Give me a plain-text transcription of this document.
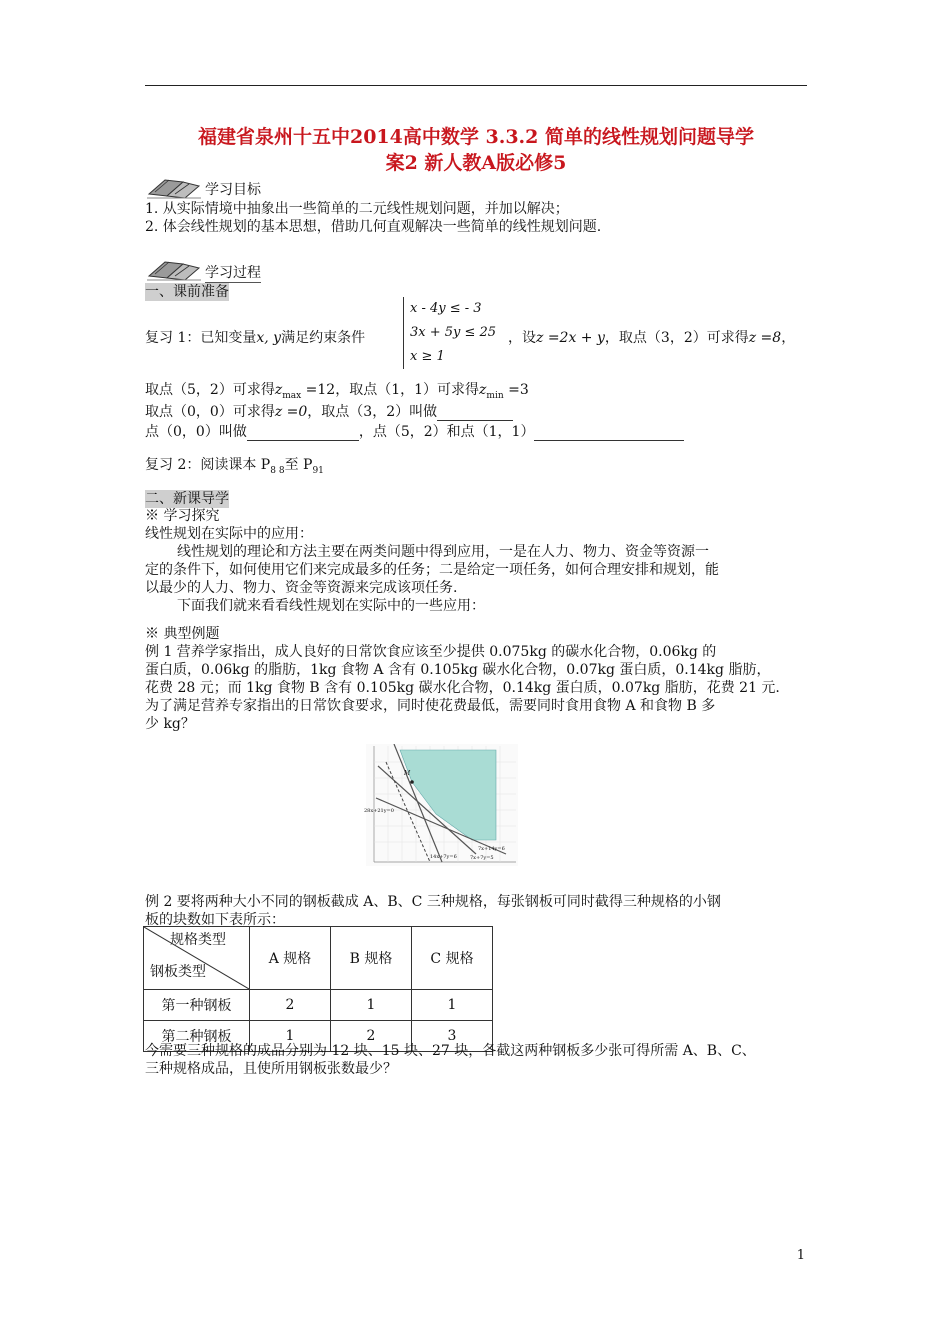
福建省泉州十五中2014高中数学 3.3.2 简单的线性规划问题导学
案2 新人教A版必修5
学习目标
1. 从实际情境中抽象出一些简单的二元线性规划问题，并加以解决；
2. 体会线性规划的基本思想，借助几何直观解决一些简单的线性规划问题.
学习过程
一、课前准备
复习 1：已知变量x, y满足约束条件
x - 4y ≤ - 3
3x + 5y ≤ 25
x ≥ 1
，设z =2x + y，取点（3，2）可求得z =8，
取点（5，2）可求得$z_{max} =12$，取点（1，1）可求得$z_{min} =3$
取点（0，0）可求得z =0，取点（3，2）叫做
点（0，0）叫做	，点（5，2）和点（1，1）
复习 2：阅读课本 $P_{8 8}$至 $P_{91}$
二、新课导学
※ 学习探究
线性规划在实际中的应用：
线性规划的理论和方法主要在两类问题中得到应用，一是在人力、物力、资金等资源一
定的条件下，如何使用它们来完成最多的任务；二是给定一项任务，如何合理安排和规划，能
以最少的人力、物力、资金等资源来完成该项任务.
下面我们就来看看线性规划在实际中的一些应用：
※ 典型例题
例 1 营养学家指出，成人良好的日常饮食应该至少提供 0.075kg 的碳水化合物，0.06kg 的
蛋白质，0.06kg 的脂肪，1kg 食物 A 含有 0.105kg 碳水化合物，0.07kg 蛋白质，0.14kg 脂肪，
花费 28 元；而 1kg 食物 B 含有 0.105kg 碳水化合物，0.14kg 蛋白质，0.07kg 脂肪，花费 21 元.
为了满足营养专家指出的日常饮食要求，同时使花费最低，需要同时食用食物 A 和食物 B 多
少 kg？
M
28x+21y=0
14x+7y=6
7x+14y=6
7x+7y=5
例 2 要将两种大小不同的钢板截成 A、B、C 三种规格，每张钢板可同时截得三种规格的小钢
板的块数如下表所示：
规格类型
钢板类型	A 规格	B 规格	C 规格
第一种钢板	2	1	1
第二种钢板	1	2	3
今需要三种规格的成品分别为 12 块、15 块、27 块，各截这两种钢板多少张可得所需 A、B、C、
三种规格成品，且使所用钢板张数最少？
1
